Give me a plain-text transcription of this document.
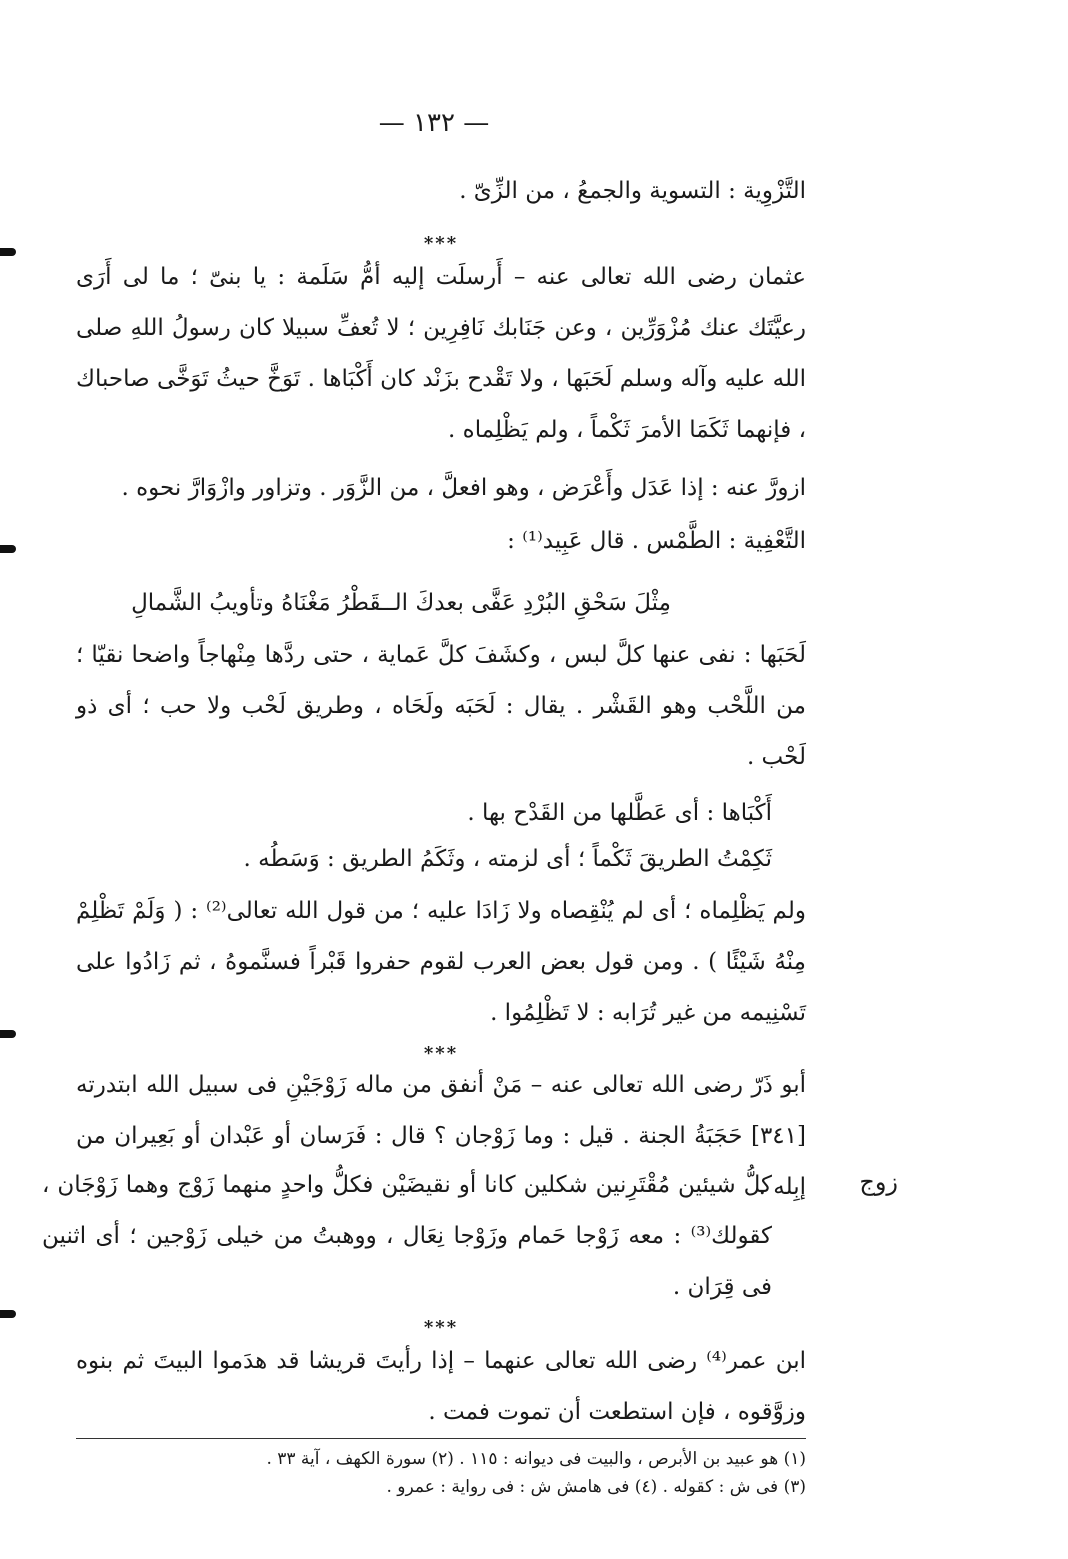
— ١٣٢ —

التَّزْوِية : التسوية والجمعُ ، من الزِّىّ .

***

عثمان رضى الله تعالى عنه – أَرسلَت إليه أمُّ سَلَمة : يا بنىّ ؛ ما لى أَرَى رعيَّتَك عنك مُزْوَرِّين ، وعن جَنَابك نَافِرِين ؛ لا تُعفِّ سبيلا كان رسولُ اللهِ صلى الله عليه وآله وسلم لَحَبَها ، ولا تَقْدح بزَنْد كان أَكْبَاها . تَوَخَّ حيثُ تَوَخَّى صاحباك ، فإنهما ثَكَمَا الأمرَ ثَكْماً ، ولم يَظْلِماه .

ازورَّ عنه : إذا عَدَل وأَعْرَض ، وهو افعلَّ ، من الزَّوَر . وتزاور وازْوَارَّ نحوه .

التَّعْفِية : الطَّمْس . قال عَبِيد⁽¹⁾ :

مِثْلَ سَحْقِ البُرْدِ عَفَّى بعدكَ الــقَطْرُ مَغْنَاهُ وتأويبُ الشَّمالِ

لَحَبَها : نفى عنها كلَّ لبس ، وكشَفَ كلَّ عَماية ، حتى ردَّها مِنْهاجاً واضحا نقيّا ؛ من اللَّحْب وهو القَشْر . يقال : لَحَبَه ولَحَاه ، وطريق لَحْب ولا حب ؛ أى ذو لَحْب .

أَكْبَاها : أى عَطَّلها من القَدْح بها .

ثَكِمْتُ الطريقَ ثَكْماً ؛ أى لزمته ، وثَكَمُ الطريق : وَسَطُه .

ولم يَظْلِماه ؛ أى لم يُنْقِصاه ولا زَادَا عليه ؛ من قول الله تعالى⁽²⁾ : ( وَلَمْ تَظْلِمْ مِنْهُ شَيْئًا ) . ومن قول بعض العرب لقوم حفروا قَبْراً فسنَّموهُ ، ثم زَادُوا على تَسْنِيمه من غير تُرَابه : لا تَظْلِمُوا .

***

أبو ذَرّ رضى الله تعالى عنه – مَنْ أنفق من ماله زَوْجَيْنِ فى سبيل الله ابتدرته [٣٤١] حَجَبَةُ الجنة . قيل : وما زَوْجان ؟ قال : فَرَسان أو عَبْدان أو بَعِيران من إبِله . زوج

كلُّ شيئين مُقْتَرِنين شكلين كانا أو نقيضَيْن فكلُّ واحدٍ منهما زَوْج وهما زَوْجَان ، كقولك⁽³⁾ : معه زَوْجا حَمام وزَوْجا نِعَال ، ووهبتُ من خيلى زَوْجين ؛ أى اثنين فى قِرَان .

***

ابن عمر⁽⁴⁾ رضى الله تعالى عنهما – إذا رأيتَ قريشا قد هدَموا البيتَ ثم بنوه وزوَّقوه ، فإن استطعت أن تموت فمت .

(١) هو عبيد بن الأبرص ، والبيت فى ديوانه : ١١٥ . (٢) سورة الكهف ، آية ٣٣ .
(٣) فى ش : كقوله . (٤) فى هامش ش : فى رواية : عمرو .
